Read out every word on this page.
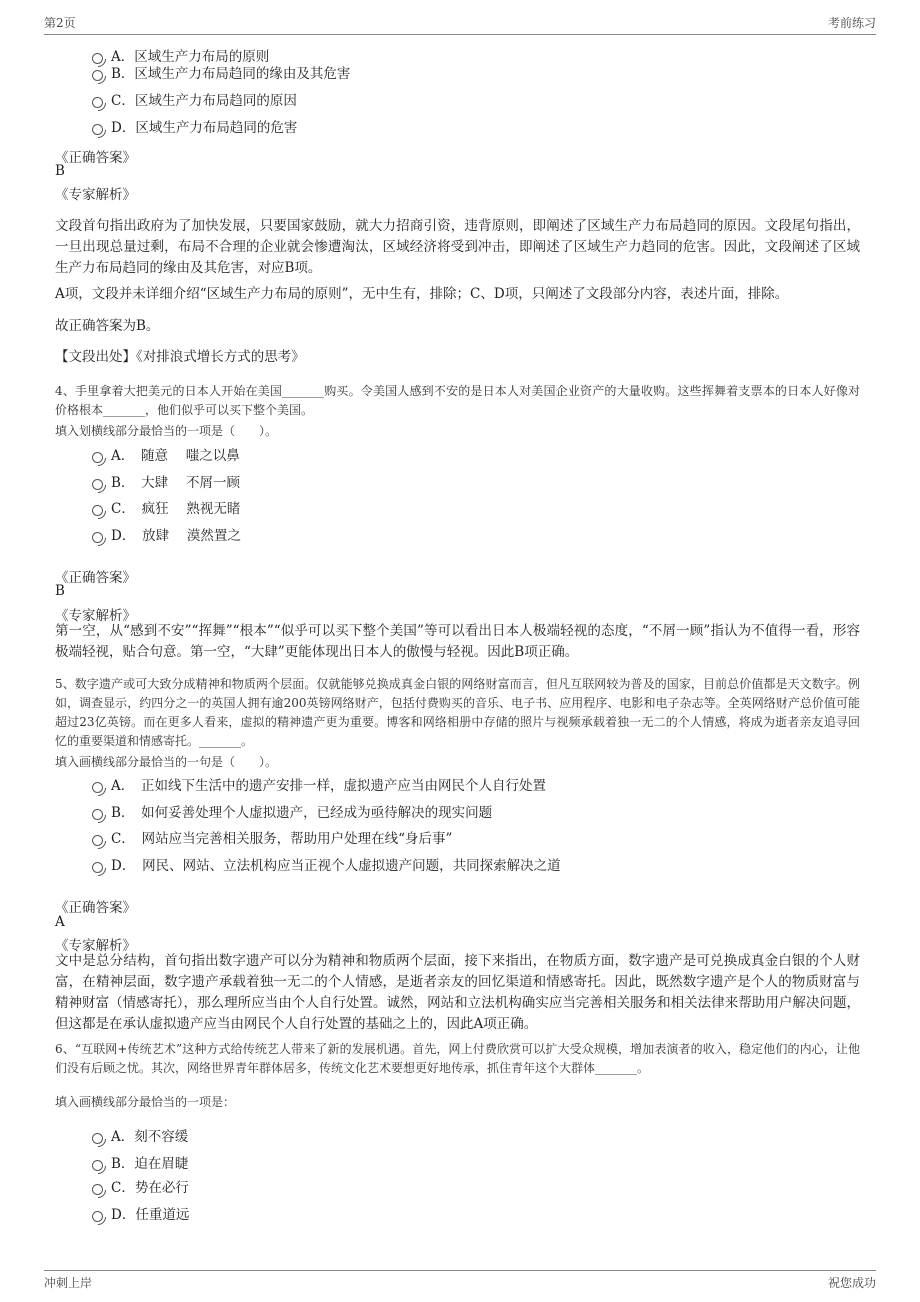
第2页	考前练习
A．区域生产力布局的原则
B．区域生产力布局趋同的缘由及其危害
C．区域生产力布局趋同的原因
D．区域生产力布局趋同的危害
《正确答案》
B
《专家解析》
文段首句指出政府为了加快发展，只要国家鼓励，就大力招商引资，违背原则，即阐述了区域生产力布局趋同的原因。文段尾句指出，一旦出现总量过剩，布局不合理的企业就会惨遭淘汰，区域经济将受到冲击，即阐述了区域生产力趋同的危害。因此，文段阐述了区域生产力布局趋同的缘由及其危害，对应B项。
A项，文段并未详细介绍“区域生产力布局的原则”，无中生有，排除；C、D项，只阐述了文段部分内容，表述片面，排除。
故正确答案为B。
【文段出处】《对排浪式增长方式的思考》
4、手里拿着大把美元的日本人开始在美国_______购买。令美国人感到不安的是日本人对美国企业资产的大量收购。这些挥舞着支票本的日本人好像对价格根本_______，他们似乎可以买下整个美国。
填入划横线部分最恰当的一项是（　　）。
A．　随意　 嗤之以鼻
B．　大肆　 不屑一顾
C．　疯狂　 熟视无睹
D．　放肆　 漠然置之
《正确答案》
B
《专家解析》
第一空，从“感到不安”“挥舞”“根本”“似乎可以买下整个美国”等可以看出日本人极端轻视的态度，“不屑一顾”指认为不值得一看，形容极端轻视，贴合句意。第一空，“大肆”更能体现出日本人的傲慢与轻视。因此B项正确。
5、数字遗产或可大致分成精神和物质两个层面。仅就能够兑换成真金白银的网络财富而言，但凡互联网较为普及的国家，目前总价值都是天文数字。例如，调查显示，约四分之一的英国人拥有逾200英镑网络财产，包括付费购买的音乐、电子书、应用程序、电影和电子杂志等。全英网络财产总价值可能超过23亿英镑。而在更多人看来，虚拟的精神遗产更为重要。博客和网络相册中存储的照片与视频承载着独一无二的个人情感，将成为逝者亲友追寻回忆的重要渠道和情感寄托。_______。
填入画横线部分最恰当的一句是（　　）。
A．　正如线下生活中的遗产安排一样，虚拟遗产应当由网民个人自行处置
B．　如何妥善处理个人虚拟遗产，已经成为亟待解决的现实问题
C．　网站应当完善相关服务，帮助用户处理在线“身后事”
D．　网民、网站、立法机构应当正视个人虚拟遗产问题，共同探索解决之道
《正确答案》
A
《专家解析》
文中是总分结构，首句指出数字遗产可以分为精神和物质两个层面，接下来指出，在物质方面，数字遗产是可兑换成真金白银的个人财富，在精神层面，数字遗产承载着独一无二的个人情感，是逝者亲友的回忆渠道和情感寄托。因此，既然数字遗产是个人的物质财富与精神财富（情感寄托），那么理所应当由个人自行处置。诚然，网站和立法机构确实应当完善相关服务和相关法律来帮助用户解决问题，但这都是在承认虚拟遗产应当由网民个人自行处置的基础之上的，因此A项正确。
6、“互联网+传统艺术”这种方式给传统艺人带来了新的发展机遇。首先，网上付费欣赏可以扩大受众规模，增加表演者的收入，稳定他们的内心，让他们没有后顾之忧。其次，网络世界青年群体居多，传统文化艺术要想更好地传承，抓住青年这个大群体_______。
填入画横线部分最恰当的一项是：
A．刻不容缓
B．迫在眉睫
C．势在必行
D．任重道远
冲刺上岸	祝您成功
